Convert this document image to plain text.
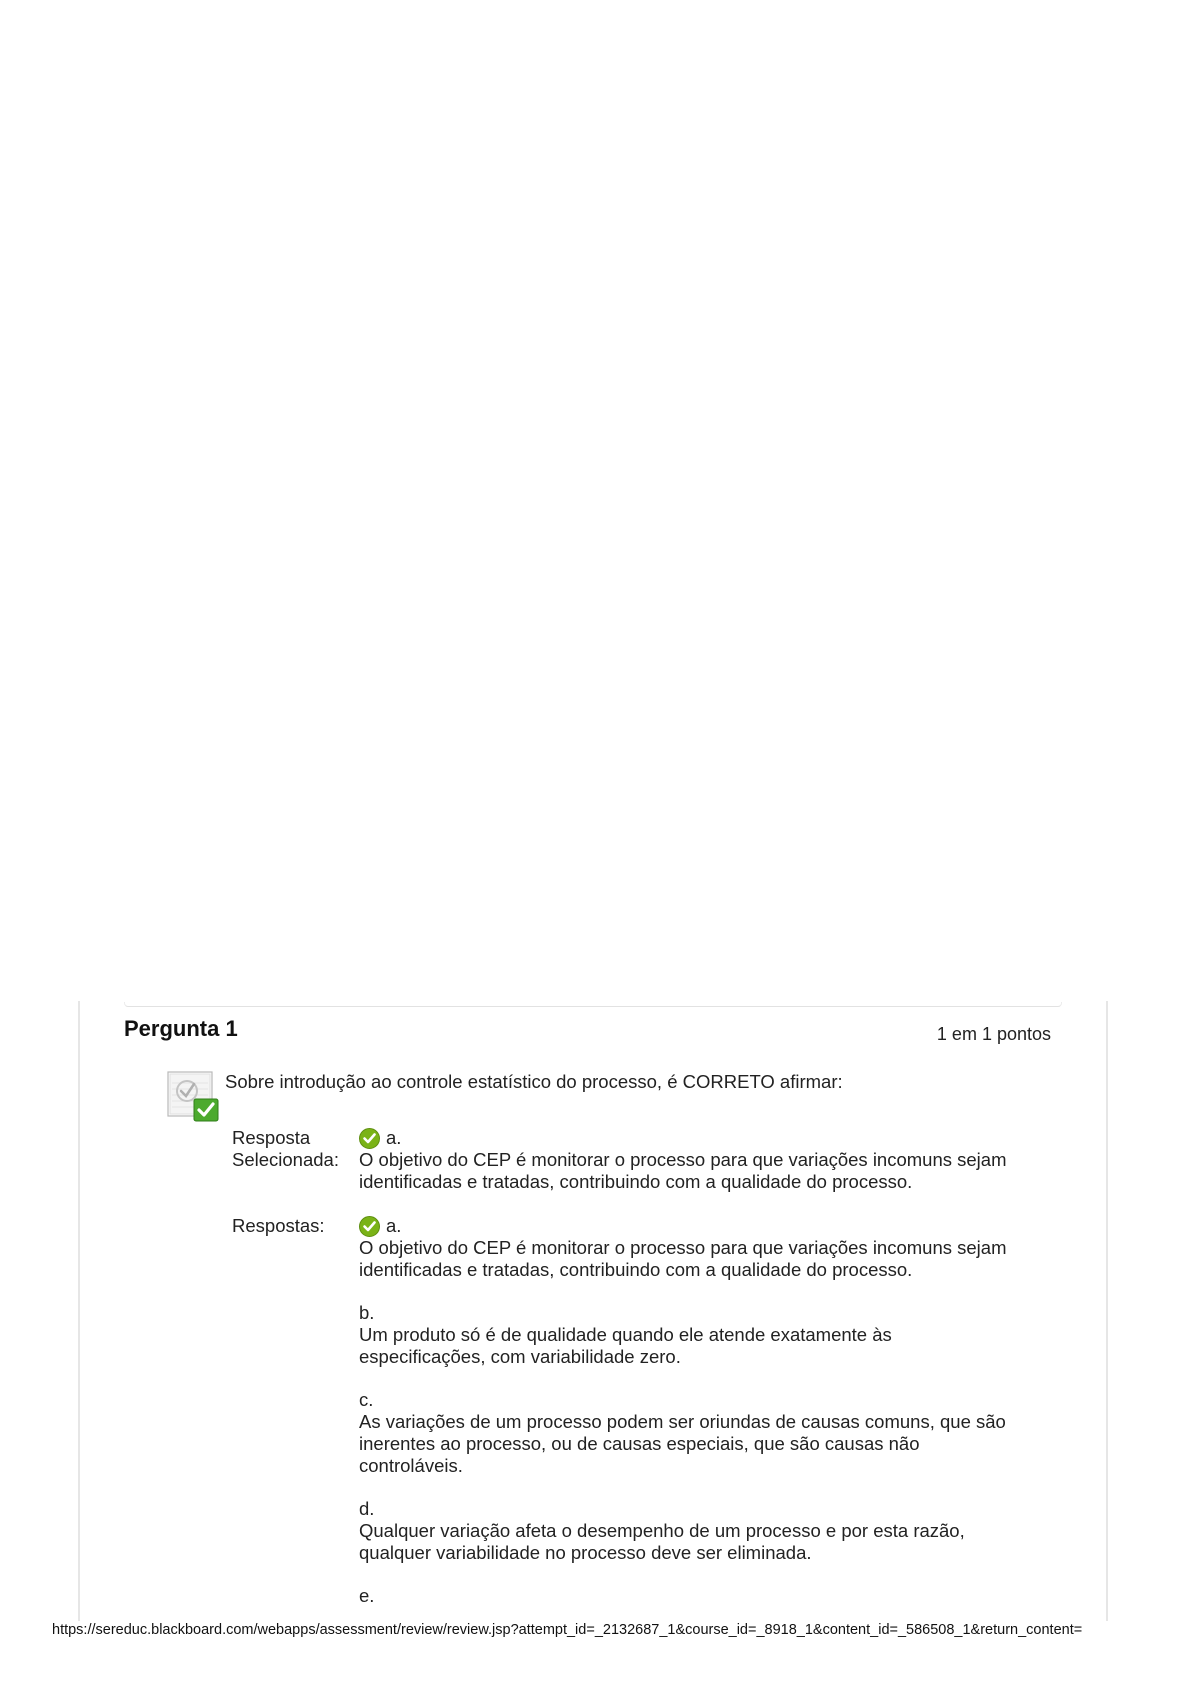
Pergunta 1	1 em 1 pontos
Sobre introdução ao controle estatístico do processo, é CORRETO afirmar:
Resposta
Selecionada:
a.
O objetivo do CEP é monitorar o processo para que variações incomuns sejam
identificadas e tratadas, contribuindo com a qualidade do processo.
Respostas:	a.
O objetivo do CEP é monitorar o processo para que variações incomuns sejam
identificadas e tratadas, contribuindo com a qualidade do processo.
b.
Um produto só é de qualidade quando ele atende exatamente às
especificações, com variabilidade zero.
c.
As variações de um processo podem ser oriundas de causas comuns, que são
inerentes ao processo, ou de causas especiais, que são causas não
controláveis.
d.
Qualquer variação afeta o desempenho de um processo e por esta razão,
qualquer variabilidade no processo deve ser eliminada.
e.
https://sereduc.blackboard.com/webapps/assessment/review/review.jsp?attempt_id=_2132687_1&course_id=_8918_1&content_id=_586508_1&return_content=
